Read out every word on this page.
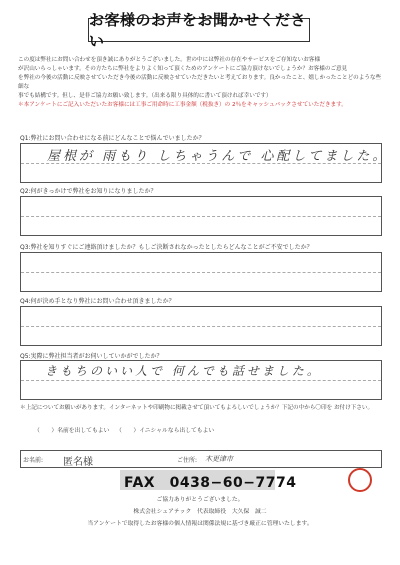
お客様のお声をお聞かせください

この度は弊社にお問い合わせを頂き誠にありがとうございました。世の中には弊社の存在やサービスをご存知ないお客様

が沢山いらっしゃいます。その方たちに弊社をよりよく知って頂くためのアンケートにご協力頂けないでしょうか？お客様のご意見

を弊社の今後の活動に反映させていただき今後の活動に反映させていただきたいと考えております。良かったこと、嬉しかったことどのような些細な

事でも結構です。但し、是非ご協力お願い致します。（出来る限り具体的に書いて頂ければ幸いです）

＊本アンケートにご記入いただいたお客様には工事ご用命時に工事金額（税抜き）の 2％をキャッシュバックさせていただきます。

Q1:弊社にお問い合わせになる前にどんなことで悩んでいましたか？
屋根が 雨もり しちゃうんで 心配してました。
Q2:何がきっかけで弊社をお知りになりましたか？
Q3:弊社を知りすぐにご連絡頂けましたか？もしご決断されなかったとしたらどんなことがご不安でしたか？
Q4:何が決め手となり弊社にお問い合わせ頂きましたか？
Q5:実際に弊社担当者がお伺いしていかがでしたか？
きもちのいい人で 何んでも話せました。
＊上記についてお願いがあります。インターネットや印刷物に掲載させて頂いてもよろしいでしょうか？下記の中から〇印を お付け下さい。
（　　）名前を出してもよい （　　）イニシャルなら出してもよい
お名前: 匿名様	ご住所: 木更津市
FAX　0438−60−7774
ご協力ありがとうございました。
株式会社シェアテック　代表取締役　大久保　誠二
当アンケートで取得したお客様の個人情報は関係法規に基づき厳正に管理いたします。
